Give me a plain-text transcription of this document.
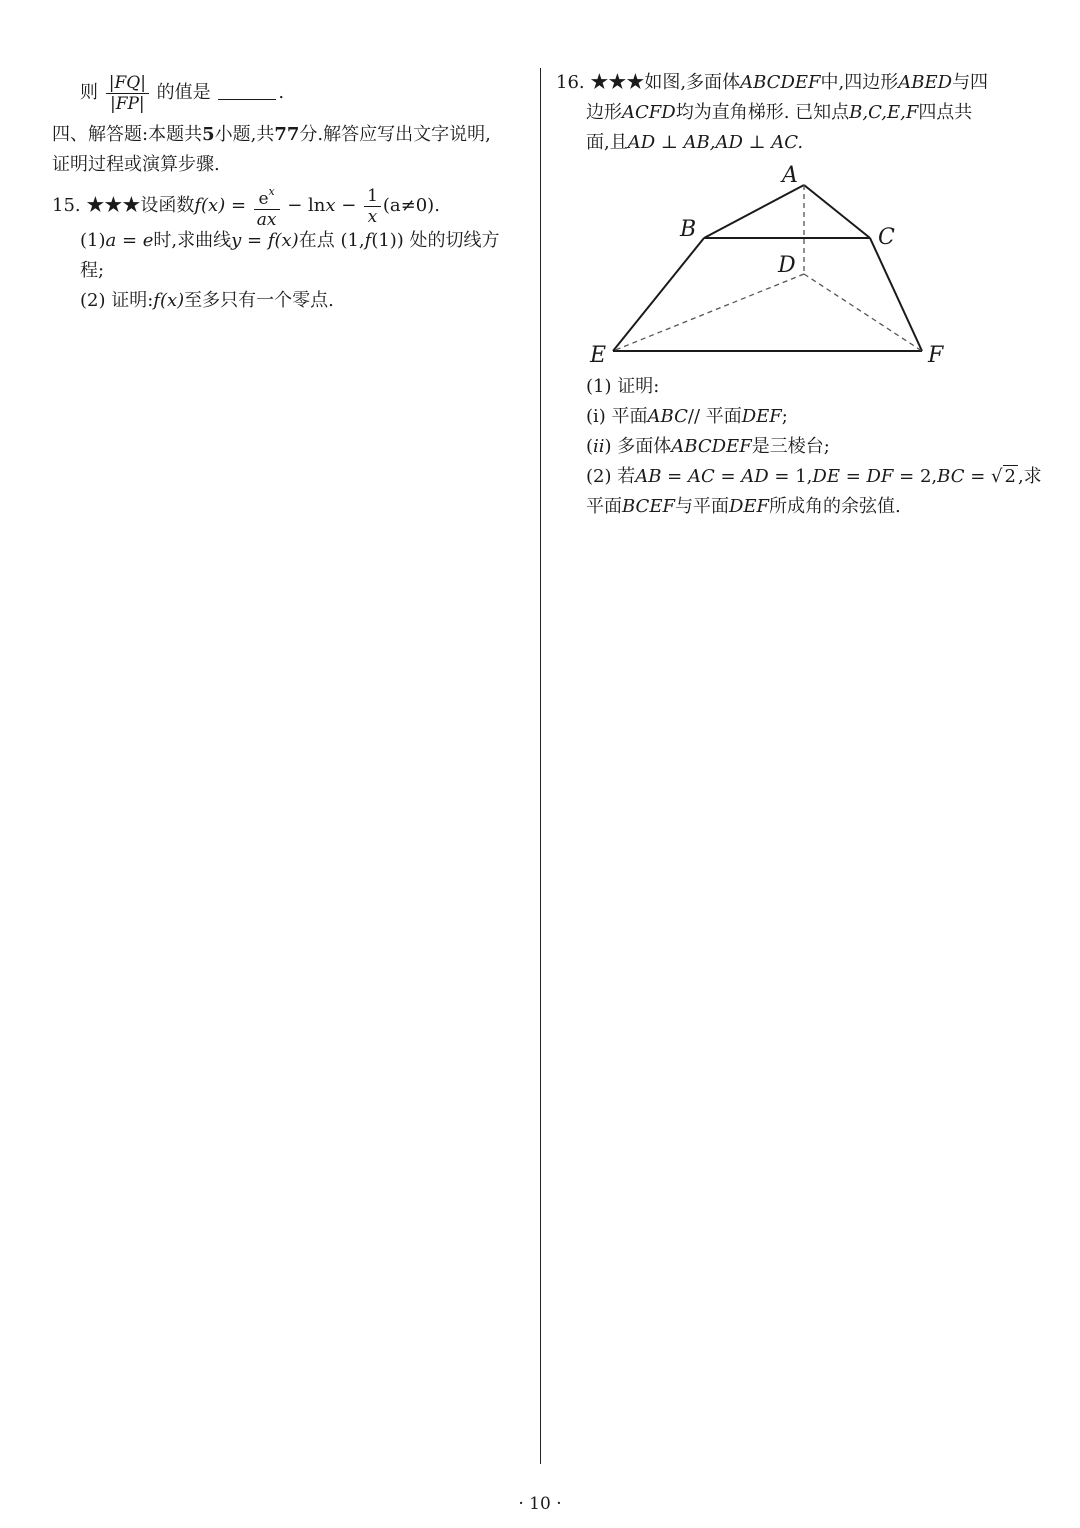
则 $\frac{|FQ|}{|FP|}$ 的值是	.
四、解答题:本题共5小题,共77分.解答应写出文字说明,
证明过程或演算步骤.
15. ★★★设函数$f(x) = \frac{e^x}{ax} - \ln x - \frac{1}{x} (a\ne 0)$.
(1)a = e时,求曲线y = f(x)在点 (1,f(1)) 处的切线方
程;
(2) 证明:f(x)至多只有一个零点.
16. ★★★如图,多面体ABCDEF中,四边形ABED与四
边形ACFD均为直角梯形. 已知点B,C,E,F四点共
面,且AD ⊥ AB,AD ⊥ AC.
A
B	C
D
E	F
(1) 证明:
(i) 平面ABC// 平面DEF;
(ii) 多面体ABCDEF是三棱台;
(2) 若AB = AC = AD = 1,DE = DF = 2,BC = √ 2 ,求
平面BCEF与平面DEF所成角的余弦值.
· 10 ·
